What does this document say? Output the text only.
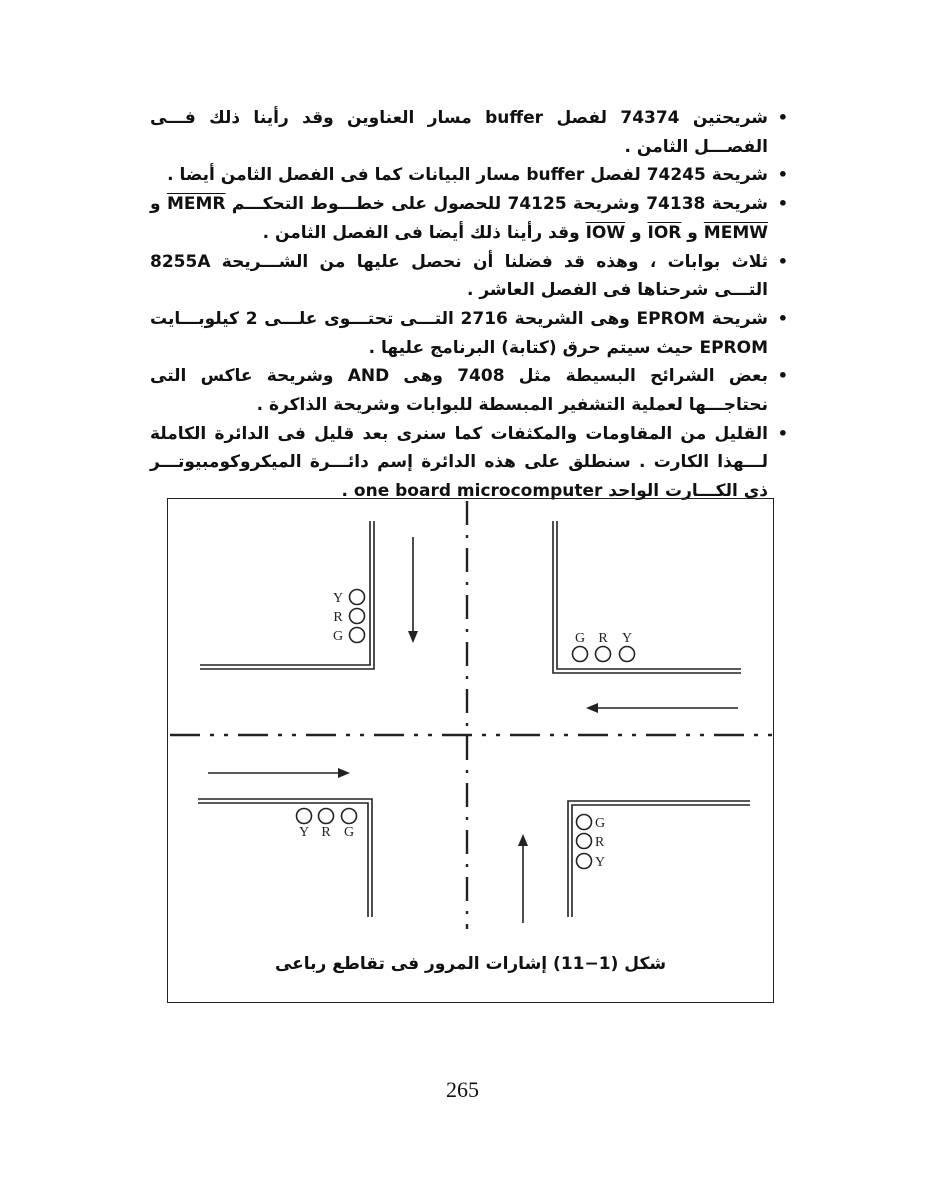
• شريحتين 74374 لفصل buffer مسار العناوين وقد رأينا ذلك فـــى الفصـــل الثامن .
• شريحة 74245 لفصل buffer مسار البيانات كما فى الفصل الثامن أيضا .
• شريحة 74138 وشريحة 74125 للحصول على خطـــوط التحكـــم MEMR و MEMW و IOR و IOW وقد رأينا ذلك أيضا فى الفصل الثامن .
• ثلاث بوابات ، وهذه قد فضلنا أن نحصل عليها من الشـــريحة 8255A التـــى شرحناها فى الفصل العاشر .
• شريحة EPROM وهى الشريحة 2716 التـــى تحتـــوى علـــى 2 كيلوبـــايت EPROM حيث سيتم حرق (كتابة) البرنامج عليها .
• بعض الشرائح البسيطة مثل 7408 وهى AND وشريحة عاكس التى نحتاجـــها لعملية التشفير المبسطة للبوابات وشريحة الذاكرة .
• القليل من المقاومات والمكثفات كما سنرى بعد قليل فى الدائرة الكاملة لـــهذا الكارت . سنطلق على هذه الدائرة إسم دائـــرة الميكروكومبيوتـــر ذى الكـــارت الواحد one board microcomputer .
Y
R
G	G R Y
Y R G
G
R
Y
شكل (1−11) إشارات المرور فى تقاطع رباعى
265
